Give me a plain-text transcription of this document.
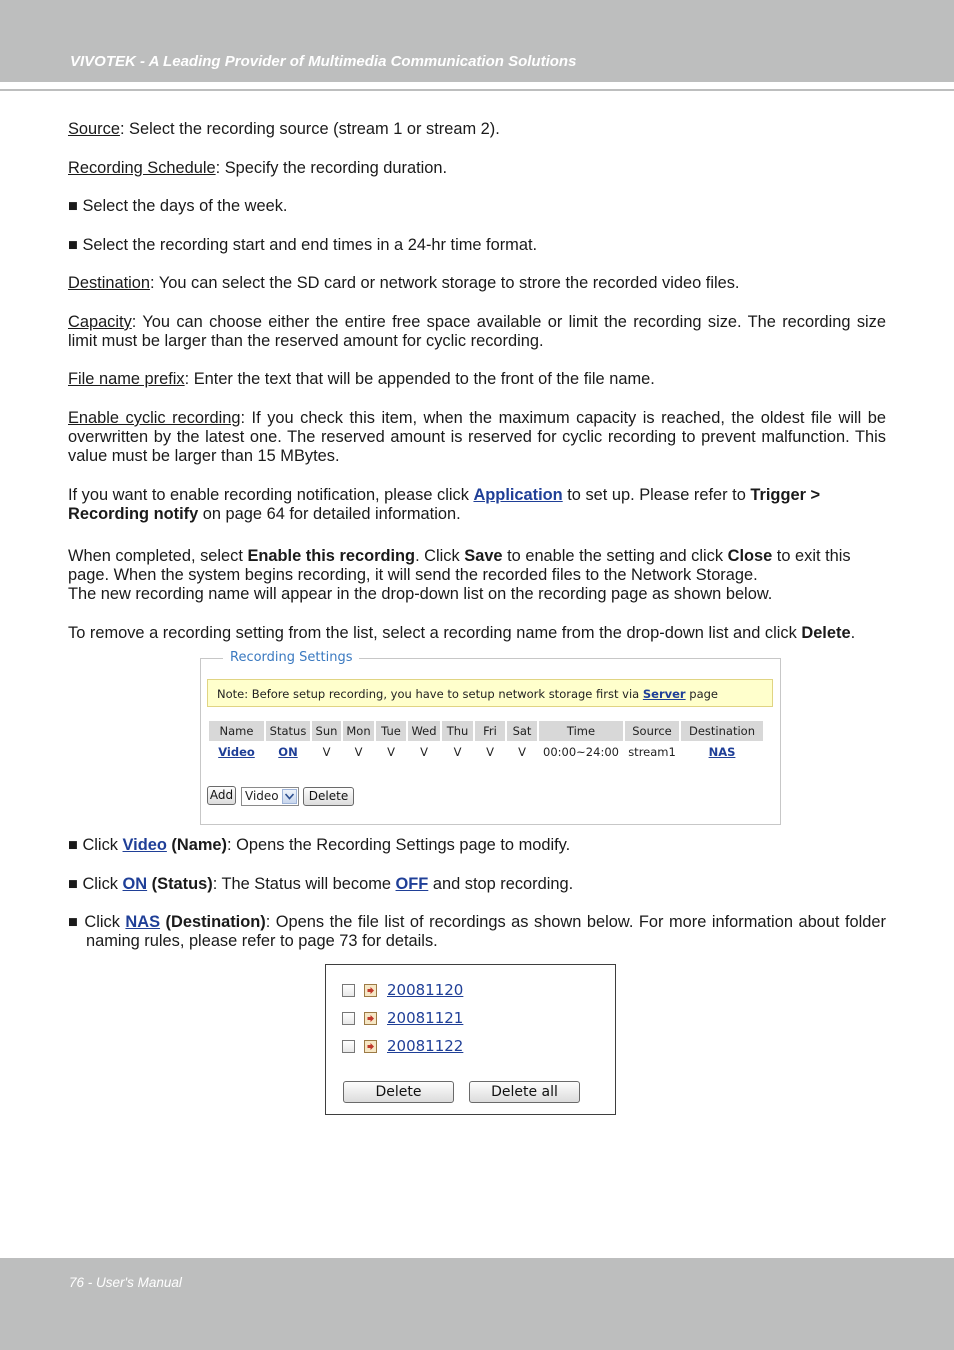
VIVOTEK - A Leading Provider of Multimedia Communication Solutions

Source: Select the recording source (stream 1 or stream 2).

Recording Schedule: Specify the recording duration.

■ Select the days of the week.

■ Select the recording start and end times in a 24-hr time format.

Destination: You can select the SD card or network storage to strore the recorded video files.

Capacity: You can choose either the entire free space available or limit the recording size. The recording size limit must be larger than the reserved amount for cyclic recording.

File name prefix: Enter the text that will be appended to the front of the file name.

Enable cyclic recording: If you check this item, when the maximum capacity is reached, the oldest file will be overwritten by the latest one. The reserved amount is reserved for cyclic recording to prevent malfunction. This value must be larger than 15 MBytes.

If you want to enable recording notification, please click Application to set up. Please refer to Trigger > Recording notify on page 64 for detailed information.

When completed, select Enable this recording. Click Save to enable the setting and click Close to exit this page. When the system begins recording, it will send the recorded files to the Network Storage.
The new recording name will appear in the drop-down list on the recording page as shown below.

To remove a recording setting from the list, select a recording name from the drop-down list and click Delete.

Recording Settings
Note: Before setup recording, you have to setup network storage first via Server page
Name	Status	Sun	Mon	Tue	Wed	Thu	Fri	Sat	Time	Source	Destination
Video	ON	V	V	V	V	V	V	V	00:00~24:00	stream1	NAS
Add Video	Delete

■ Click Video (Name): Opens the Recording Settings page to modify.

■ Click ON (Status): The Status will become OFF and stop recording.

■ Click NAS (Destination): Opens the file list of recordings as shown below. For more information about folder naming rules, please refer to page 73 for details.

20081120
20081121
20081122
Delete	Delete all
76 - User's Manual
